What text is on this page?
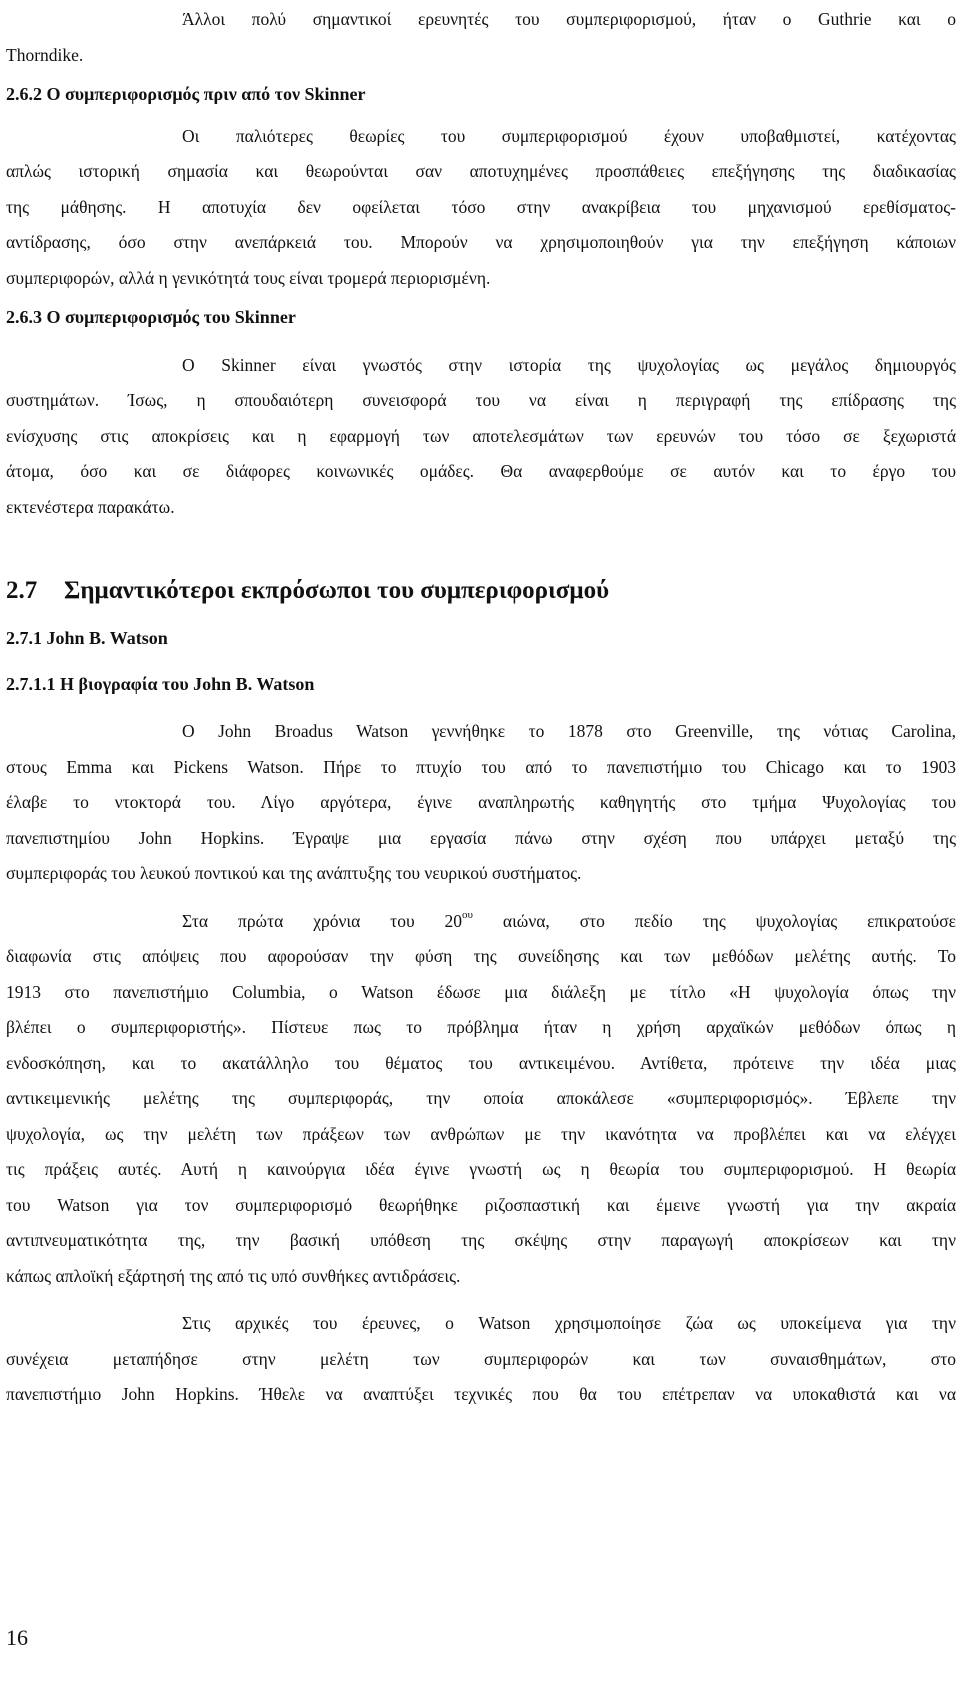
Άλλοι πολύ σημαντικοί ερευνητές του συμπεριφορισμού, ήταν ο Guthrie και ο
Thorndike.
2.6.2 Ο συμπεριφορισμός πριν από τον Skinner
Οι παλιότερες θεωρίες του συμπεριφορισμού έχουν υποβαθμιστεί, κατέχοντας
απλώς ιστορική σημασία και θεωρούνται σαν αποτυχημένες προσπάθειες επεξήγησης της διαδικασίας
της μάθησης. Η αποτυχία δεν οφείλεται τόσο στην ανακρίβεια του μηχανισμού ερεθίσματος-
αντίδρασης, όσο στην ανεπάρκειά του. Μπορούν να χρησιμοποιηθούν για την επεξήγηση κάποιων
συμπεριφορών, αλλά η γενικότητά τους είναι τρομερά περιορισμένη.
2.6.3 Ο συμπεριφορισμός του Skinner
Ο Skinner είναι γνωστός στην ιστορία της ψυχολογίας ως μεγάλος δημιουργός
συστημάτων. Ίσως, η σπουδαιότερη συνεισφορά του να είναι η περιγραφή της επίδρασης της
ενίσχυσης στις αποκρίσεις και η εφαρμογή των αποτελεσμάτων των ερευνών του τόσο σε ξεχωριστά
άτομα, όσο και σε διάφορες κοινωνικές ομάδες. Θα αναφερθούμε σε αυτόν και το έργο του
εκτενέστερα παρακάτω.
2.7 Σημαντικότεροι εκπρόσωποι του συμπεριφορισμού
2.7.1 John B. Watson
2.7.1.1 Η βιογραφία του John B. Watson
Ο John Broadus Watson γεννήθηκε το 1878 στο Greenville, της νότιας Carolina,
στους Emma και Pickens Watson. Πήρε το πτυχίο του από το πανεπιστήμιο του Chicago και το 1903
έλαβε το ντοκτορά του. Λίγο αργότερα, έγινε αναπληρωτής καθηγητής στο τμήμα Ψυχολογίας του
πανεπιστημίου John Hopkins. Έγραψε μια εργασία πάνω στην σχέση που υπάρχει μεταξύ της
συμπεριφοράς του λευκού ποντικού και της ανάπτυξης του νευρικού συστήματος.
Στα πρώτα χρόνια του $20^{o\upsilon}$ αιώνα, στο πεδίο της ψυχολογίας επικρατούσε
διαφωνία στις απόψεις που αφορούσαν την φύση της συνείδησης και των μεθόδων μελέτης αυτής. Το
1913 στο πανεπιστήμιο Columbia, ο Watson έδωσε μια διάλεξη με τίτλο «Η ψυχολογία όπως την
βλέπει ο συμπεριφοριστής». Πίστευε πως το πρόβλημα ήταν η χρήση αρχαϊκών μεθόδων όπως η
ενδοσκόπηση, και το ακατάλληλο του θέματος του αντικειμένου. Αντίθετα, πρότεινε την ιδέα μιας
αντικειμενικής μελέτης της συμπεριφοράς, την οποία αποκάλεσε «συμπεριφορισμός». Έβλεπε την
ψυχολογία, ως την μελέτη των πράξεων των ανθρώπων με την ικανότητα να προβλέπει και να ελέγχει
τις πράξεις αυτές. Αυτή η καινούργια ιδέα έγινε γνωστή ως η θεωρία του συμπεριφορισμού. Η θεωρία
του Watson για τον συμπεριφορισμό θεωρήθηκε ριζοσπαστική και έμεινε γνωστή για την ακραία
αντιπνευματικότητα της, την βασική υπόθεση της σκέψης στην παραγωγή αποκρίσεων και την
κάπως απλοϊκή εξάρτησή της από τις υπό συνθήκες αντιδράσεις.
Στις αρχικές του έρευνες, ο Watson χρησιμοποίησε ζώα ως υποκείμενα για την
συνέχεια μεταπήδησε στην μελέτη των συμπεριφορών και των συναισθημάτων, στο
πανεπιστήμιο John Hopkins. Ήθελε να αναπτύξει τεχνικές που θα του επέτρεπαν να υποκαθιστά και να
16
